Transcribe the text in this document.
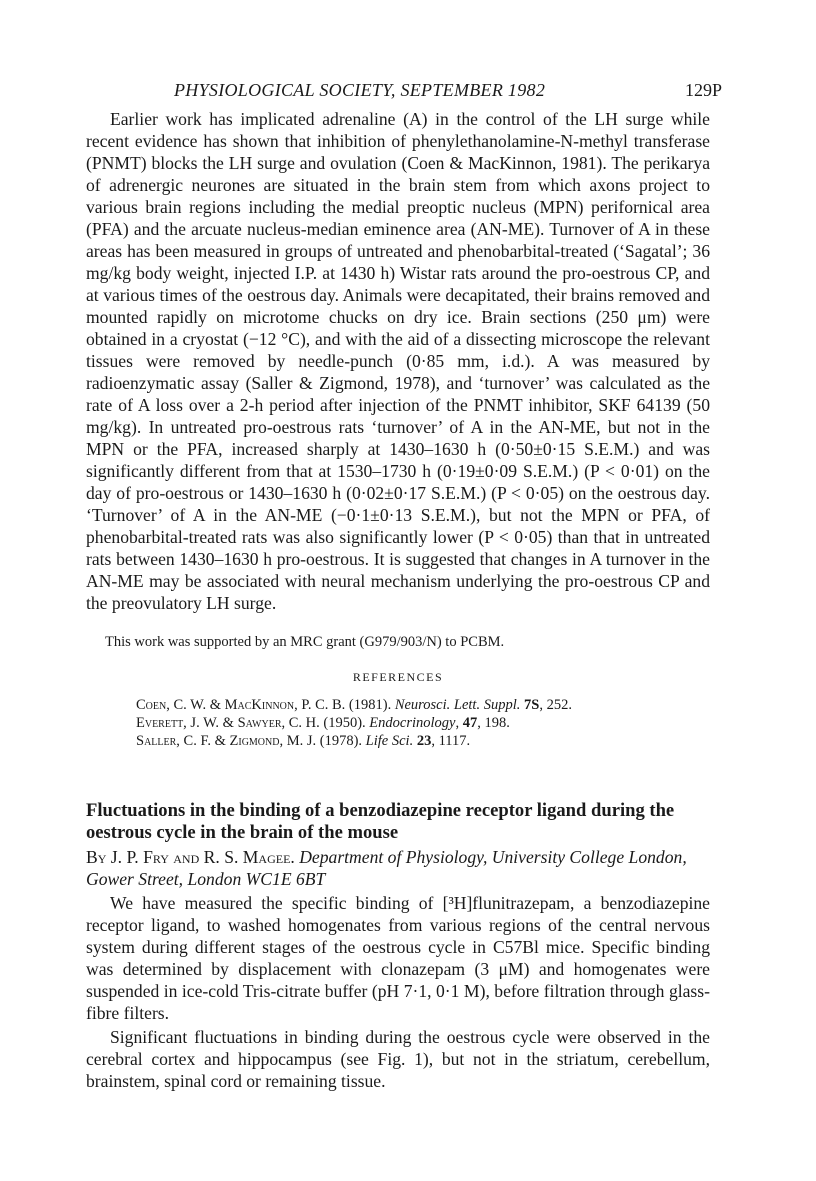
PHYSIOLOGICAL SOCIETY, SEPTEMBER 1982	129P

Earlier work has implicated adrenaline (A) in the control of the LH surge while recent evidence has shown that inhibition of phenylethanolamine-N-methyl transferase (PNMT) blocks the LH surge and ovulation (Coen & MacKinnon, 1981). The perikarya of adrenergic neurones are situated in the brain stem from which axons project to various brain regions including the medial preoptic nucleus (MPN) perifornical area (PFA) and the arcuate nucleus-median eminence area (AN-ME). Turnover of A in these areas has been measured in groups of untreated and phenobarbital-treated (‘Sagatal’; 36 mg/kg body weight, injected I.P. at 1430 h) Wistar rats around the pro-oestrous CP, and at various times of the oestrous day. Animals were decapitated, their brains removed and mounted rapidly on microtome chucks on dry ice. Brain sections (250 μm) were obtained in a cryostat (−12 °C), and with the aid of a dissecting microscope the relevant tissues were removed by needle-punch (0·85 mm, i.d.). A was measured by radioenzymatic assay (Saller & Zigmond, 1978), and ‘turnover’ was calculated as the rate of A loss over a 2-h period after injection of the PNMT inhibitor, SKF 64139 (50 mg/kg). In untreated pro-oestrous rats ‘turnover’ of A in the AN-ME, but not in the MPN or the PFA, increased sharply at 1430–1630 h (0·50±0·15 S.E.M.) and was significantly different from that at 1530–1730 h (0·19±0·09 S.E.M.) (P < 0·01) on the day of pro-oestrous or 1430–1630 h (0·02±0·17 S.E.M.) (P < 0·05) on the oestrous day. ‘Turnover’ of A in the AN-ME (−0·1±0·13 S.E.M.), but not the MPN or PFA, of phenobarbital-treated rats was also significantly lower (P < 0·05) than that in untreated rats between 1430–1630 h pro-oestrous. It is suggested that changes in A turnover in the AN-ME may be associated with neural mechanism underlying the pro-oestrous CP and the preovulatory LH surge.

This work was supported by an MRC grant (G979/903/N) to PCBM.

REFERENCES
Coen, C. W. & MacKinnon, P. C. B. (1981). Neurosci. Lett. Suppl. 7S, 252.
Everett, J. W. & Sawyer, C. H. (1950). Endocrinology, 47, 198.
Saller, C. F. & Zigmond, M. J. (1978). Life Sci. 23, 1117.
Fluctuations in the binding of a benzodiazepine receptor ligand during the oestrous cycle in the brain of the mouse

By J. P. Fry and R. S. Magee. Department of Physiology, University College London, Gower Street, London WC1E 6BT

We have measured the specific binding of [³H]flunitrazepam, a benzodiazepine receptor ligand, to washed homogenates from various regions of the central nervous system during different stages of the oestrous cycle in C57Bl mice. Specific binding was determined by displacement with clonazepam (3 μM) and homogenates were suspended in ice-cold Tris-citrate buffer (pH 7·1, 0·1 M), before filtration through glass-fibre filters.

Significant fluctuations in binding during the oestrous cycle were observed in the cerebral cortex and hippocampus (see Fig. 1), but not in the striatum, cerebellum, brainstem, spinal cord or remaining tissue.
